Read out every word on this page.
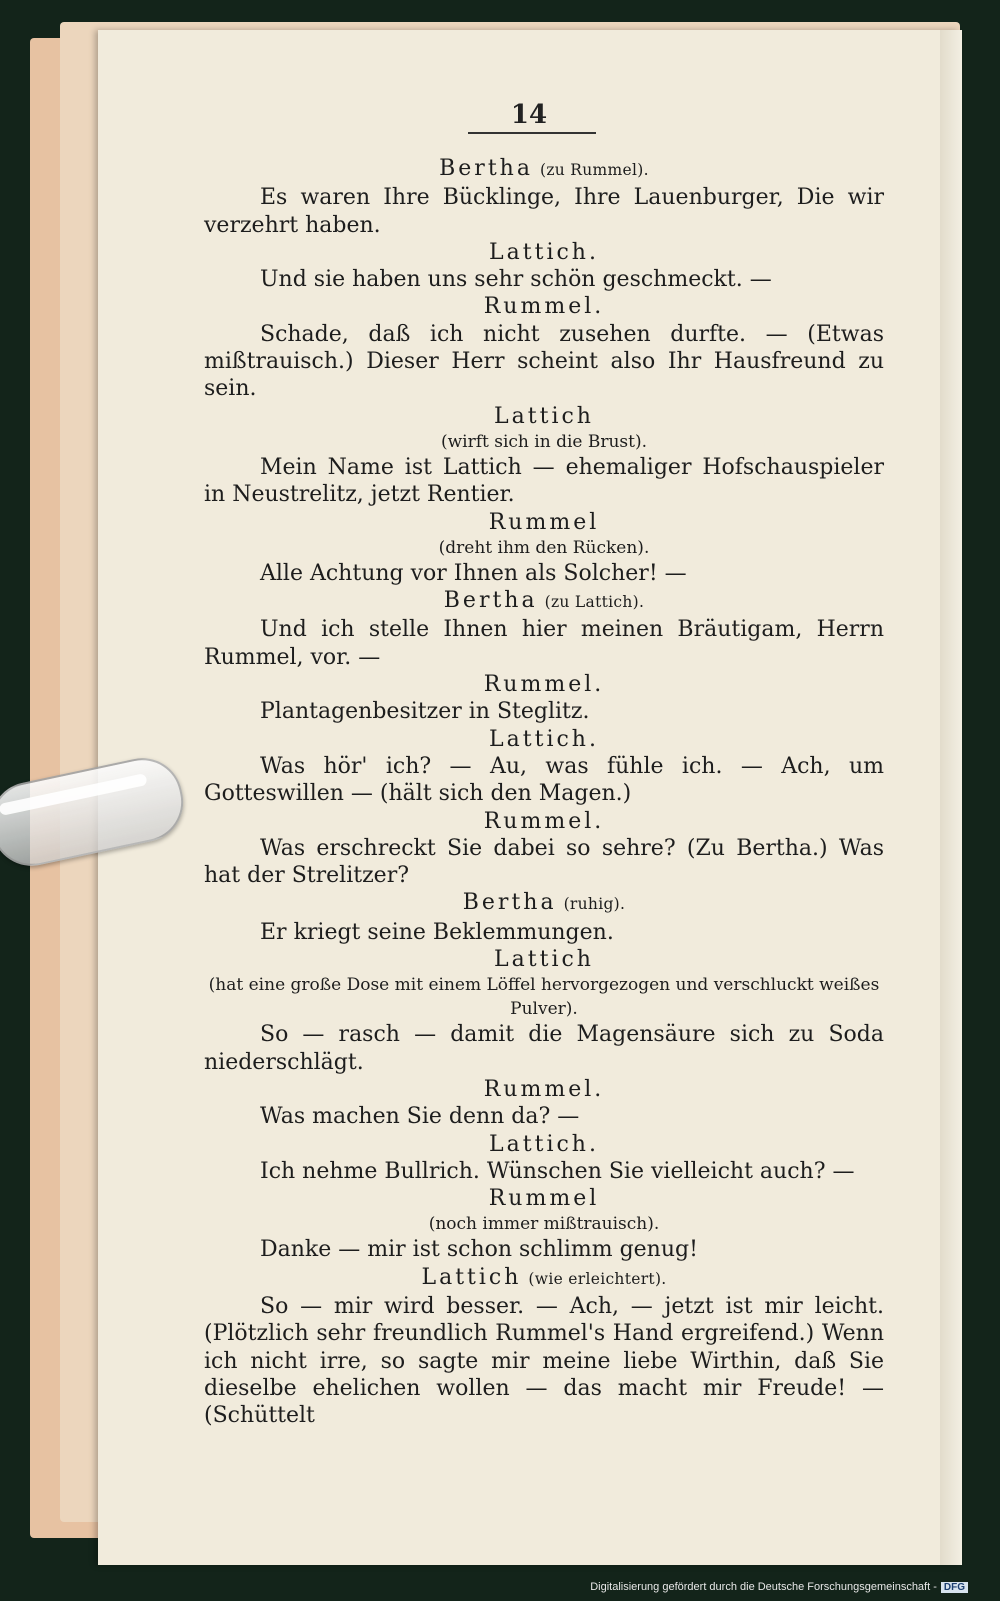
14
Bertha (zu Rummel).
Es waren Ihre Bücklinge, Ihre Lauenburger, Die wir verzehrt haben.
Lattich.
Und sie haben uns sehr schön geschmeckt. —
Rummel.
Schade, daß ich nicht zusehen durfte. — (Etwas mißtrauisch.) Dieser Herr scheint also Ihr Hausfreund zu sein.
Lattich
(wirft sich in die Brust).
Mein Name ist Lattich — ehemaliger Hofschauspieler in Neustrelitz, jetzt Rentier.
Rummel
(dreht ihm den Rücken).
Alle Achtung vor Ihnen als Solcher! —
Bertha (zu Lattich).
Und ich stelle Ihnen hier meinen Bräutigam, Herrn Rummel, vor. —
Rummel.
Plantagenbesitzer in Steglitz.
Lattich.
Was hör' ich? — Au, was fühle ich. — Ach, um Gotteswillen — (hält sich den Magen.)
Rummel.
Was erschreckt Sie dabei so sehre? (Zu Bertha.) Was hat der Strelitzer?
Bertha (ruhig).
Er kriegt seine Beklemmungen.
Lattich
(hat eine große Dose mit einem Löffel hervorgezogen und verschluckt weißes Pulver).
So — rasch — damit die Magensäure sich zu Soda niederschlägt.
Rummel.
Was machen Sie denn da? —
Lattich.
Ich nehme Bullrich. Wünschen Sie vielleicht auch? —
Rummel
(noch immer mißtrauisch).
Danke — mir ist schon schlimm genug!
Lattich (wie erleichtert).
So — mir wird besser. — Ach, — jetzt ist mir leicht. (Plötzlich sehr freundlich Rummel's Hand ergreifend.) Wenn ich nicht irre, so sagte mir meine liebe Wirthin, daß Sie dieselbe ehelichen wollen — das macht mir Freude! — (Schüttelt
Digitalisierung gefördert durch die Deutsche Forschungsgemeinschaft - DFG
